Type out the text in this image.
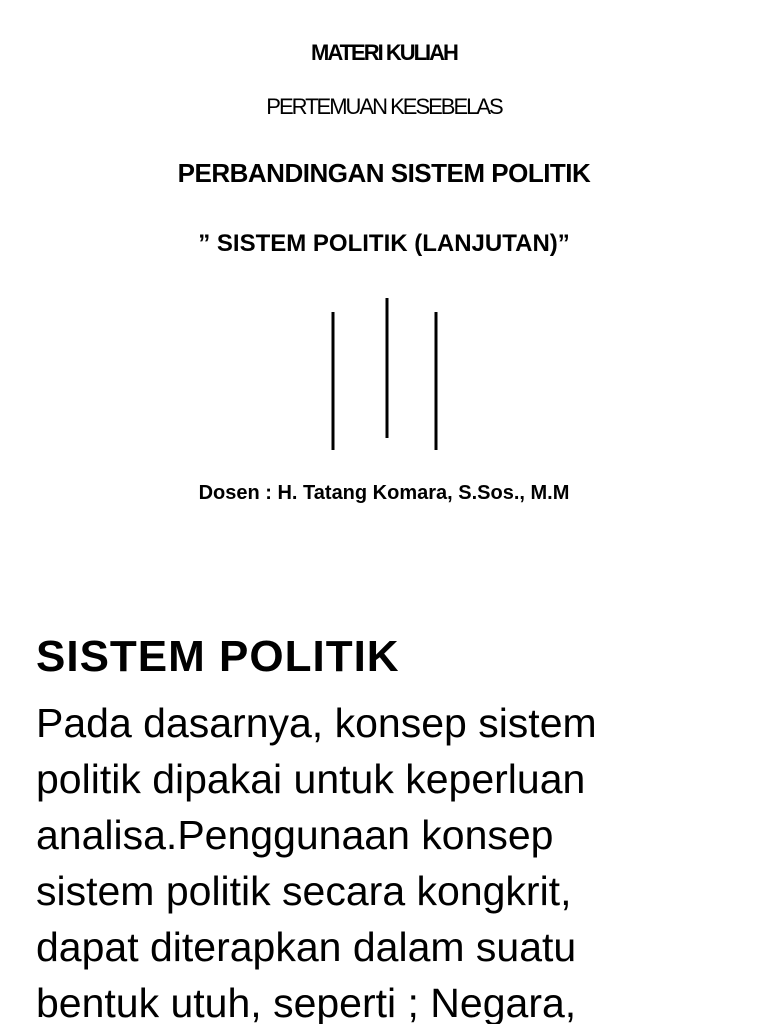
MATERI KULIAH
PERTEMUAN KESEBELAS
PERBANDINGAN SISTEM POLITIK
” SISTEM POLITIK (LANJUTAN)”
Dosen : H. Tatang Komara, S.Sos., M.M
SISTEM POLITIK
Pada dasarnya, konsep sistem
politik dipakai untuk keperluan
analisa.Penggunaan konsep
sistem politik secara kongkrit,
dapat diterapkan dalam suatu
bentuk utuh, seperti ; Negara,
